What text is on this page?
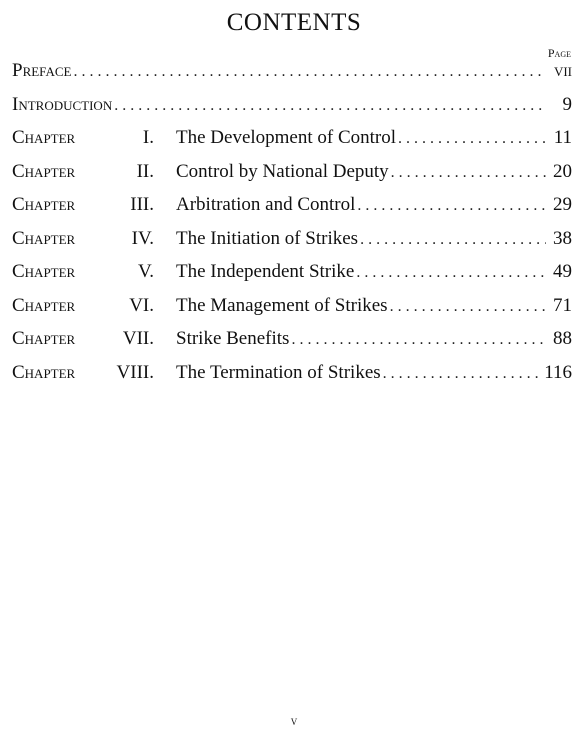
CONTENTS
Page
Preface . . .	vii
Introduction . . .	9
Chapter	I. The Development of Control . . .	11
Chapter	II. Control by National Deputy . . .	20
Chapter	III. Arbitration and Control . . .	29
Chapter	IV. The Initiation of Strikes . . .	38
Chapter	V. The Independent Strike . . .	49
Chapter	VI. The Management of Strikes . . .	71
Chapter	VII. Strike Benefits . . .	88
Chapter	VIII. The Termination of Strikes . . .	116
v
